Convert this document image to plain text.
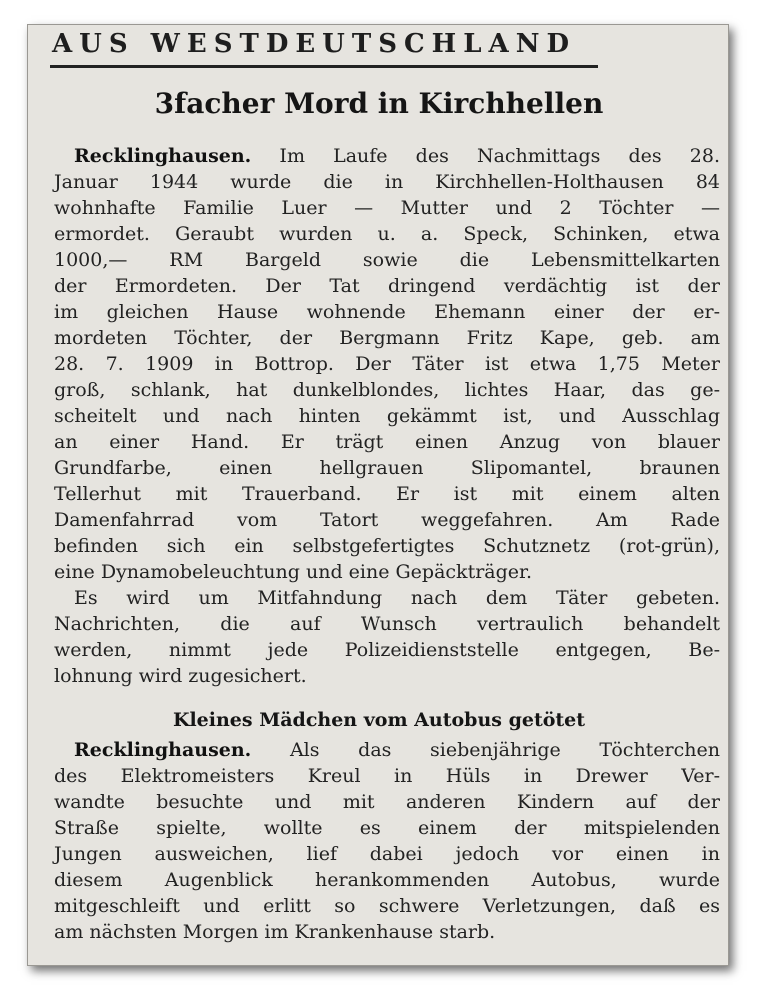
AUS WESTDEUTSCHLAND
3facher Mord in Kirchhellen
Recklinghausen. Im Laufe des Nachmittags des 28.
Januar 1944 wurde die in Kirchhellen-Holthausen 84
wohnhafte Familie Luer — Mutter und 2 Töchter —
ermordet. Geraubt wurden u. a. Speck, Schinken, etwa
1000,— RM Bargeld sowie die Lebensmittelkarten
der Ermordeten. Der Tat dringend verdächtig ist der
im gleichen Hause wohnende Ehemann einer der er-
mordeten Töchter, der Bergmann Fritz Kape, geb. am
28. 7. 1909 in Bottrop. Der Täter ist etwa 1,75 Meter
groß, schlank, hat dunkelblondes, lichtes Haar, das ge-
scheitelt und nach hinten gekämmt ist, und Ausschlag
an einer Hand. Er trägt einen Anzug von blauer
Grundfarbe, einen hellgrauen Slipomantel, braunen
Tellerhut mit Trauerband. Er ist mit einem alten
Damenfahrrad vom Tatort weggefahren. Am Rade
befinden sich ein selbstgefertigtes Schutznetz (rot-grün),
eine Dynamobeleuchtung und eine Gepäckträger.
Es wird um Mitfahndung nach dem Täter gebeten.
Nachrichten, die auf Wunsch vertraulich behandelt
werden, nimmt jede Polizeidienststelle entgegen, Be-
lohnung wird zugesichert.
Kleines Mädchen vom Autobus getötet
Recklinghausen. Als das siebenjährige Töchterchen
des Elektromeisters Kreul in Hüls in Drewer Ver-
wandte besuchte und mit anderen Kindern auf der
Straße spielte, wollte es einem der mitspielenden
Jungen ausweichen, lief dabei jedoch vor einen in
diesem Augenblick herankommenden Autobus, wurde
mitgeschleift und erlitt so schwere Verletzungen, daß es
am nächsten Morgen im Krankenhause starb.
